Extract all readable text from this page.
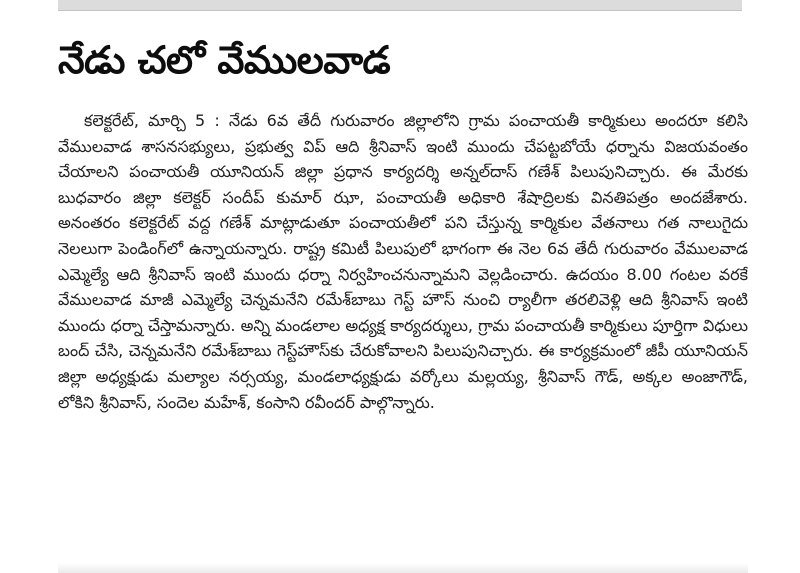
నేడు చలో వేములవాడ

కలెక్టరేట్, మార్చి 5 : నేడు 6వ తేదీ గురువారం జిల్లాలోని గ్రామ పంచాయతీ కార్మికులు అందరూ కలిసి వేములవాడ శాసనసభ్యులు, ప్రభుత్వ విప్ ఆది శ్రీనివాస్ ఇంటి ముందు చేపట్టబోయే ధర్నాను విజయవంతం చేయాలని పంచాయతీ యూనియన్ జిల్లా ప్రధాన కార్యదర్శి అన్నల్‌దాస్ గణేశ్ పిలుపునిచ్చారు. ఈ మేరకు బుధవారం జిల్లా కలెక్టర్ సందీప్ కుమార్ ఝా, పంచాయతీ అధికారి శేషాద్రిలకు వినతిపత్రం అందజేశారు. అనంతరం కలెక్టరేట్ వద్ద గణేశ్ మాట్లాడుతూ పంచాయతీలో పని చేస్తున్న కార్మికుల వేతనాలు గత నాలుగైదు నెలలుగా పెండింగ్‌లో ఉన్నాయన్నారు. రాష్ట్ర కమిటీ పిలుపులో భాగంగా ఈ నెల 6వ తేదీ గురువారం వేములవాడ ఎమ్మెల్యే ఆది శ్రీనివాస్ ఇంటి ముందు ధర్నా నిర్వహించనున్నామని వెల్లడించారు. ఉదయం 8.00 గంటల వరకే వేములవాడ మాజీ ఎమ్మెల్యే చెన్నమనేని రమేశ్‌బాబు గెస్ట్ హౌస్ నుంచి ర్యాలీగా తరలివెళ్లి ఆది శ్రీనివాస్ ఇంటి ముందు ధర్నా చేస్తామన్నారు. అన్ని మండలాల అధ్యక్ష కార్యదర్శులు, గ్రామ పంచాయతీ కార్మికులు పూర్తిగా విధులు బంద్ చేసి, చెన్నమనేని రమేశ్‌బాబు గెస్ట్‌హౌస్‌కు చేరుకోవాలని పిలుపునిచ్చారు. ఈ కార్యక్రమంలో జీపీ యూనియన్ జిల్లా అధ్యక్షుడు మల్యాల నర్సయ్య, మండలాధ్యక్షుడు వర్కోలు మల్లయ్య, శ్రీనివాస్ గౌడ్, అక్కల అంజాగౌడ్, లోకిని శ్రీనివాస్, సందెల మహేశ్, కంసాని రవీందర్ పాల్గొన్నారు.
